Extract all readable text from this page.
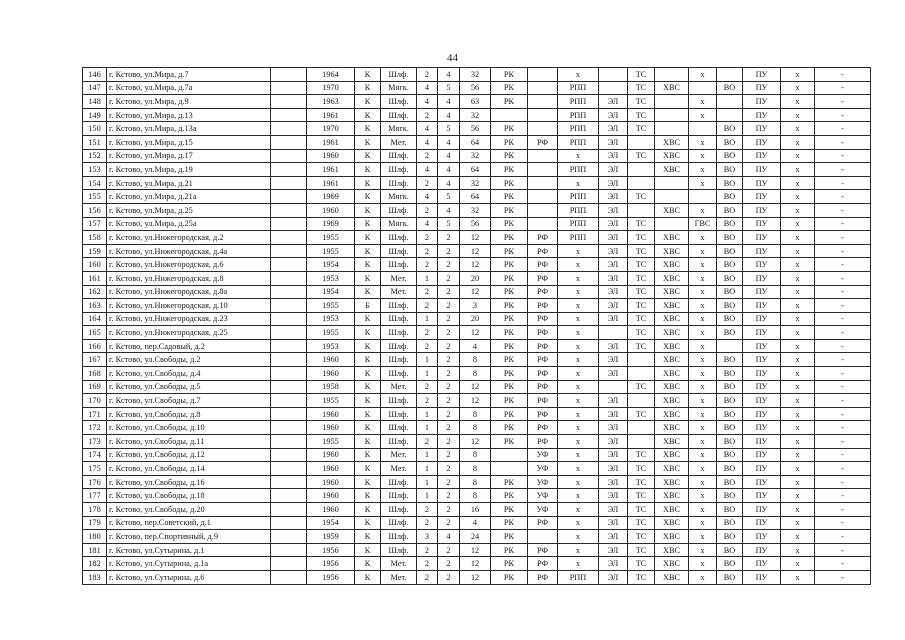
44
146	г. Кстово, ул.Мира, д.7		1964	К	Шлф.	2	4	32	РК		х		ТС		х		ПУ	х	-
147	г. Кстово, ул.Мира, д.7а		1970	К	Мягк.	4	5	56	РК		РПП		ТС	ХВС		ВО	ПУ	х	-
148	г. Кстово, ул.Мира, д.9		1963	К	Шлф.	4	4	63	РК		РПП	ЭЛ	ТС		х		ПУ	х	-
149	г. Кстово, ул.Мира, д.13		1961	К	Шлф.	2	4	32			РПП	ЭЛ	ТС		х		ПУ	х	-
150	г. Кстово, ул.Мира, д.13а		1970	К	Мягк.	4	5	56	РК		РПП	ЭЛ	ТС			ВО	ПУ	х	-
151	г. Кстово, ул.Мира, д.15		1961	К	Мет.	4	4	64	РК	РФ	РПП	ЭЛ		ХВС	х	ВО	ПУ	х	-
152	г. Кстово, ул.Мира, д.17		1960	К	Шлф.	2	4	32	РК		х	ЭЛ	ТС	ХВС	х	ВО	ПУ	х	-
153	г. Кстово, ул.Мира, д.19		1961	К	Шлф.	4	4	64	РК		РПП	ЭЛ		ХВС	х	ВО	ПУ	х	-
154	г. Кстово, ул.Мира, д.21		1961	К	Шлф.	2	4	32	РК		х	ЭЛ			х	ВО	ПУ	х	-
155	г. Кстово, ул.Мира, д.21а		1969	К	Мягк.	4	5	64	РК		РПП	ЭЛ	ТС			ВО	ПУ	х	-
156	г. Кстово, ул.Мира, д.25		1960	К	Шлф.	2	4	32	РК		РПП	ЭЛ		ХВС	х	ВО	ПУ	х	-
157	г. Кстово, ул.Мира, д.25а		1969	К	Мягк.	4	5	56	РК		РПП	ЭЛ	ТС		ГВС	ВО	ПУ	х	-
158	г. Кстово, ул.Нижегородская, д.2		1955	К	Шлф.	2	2	12	РК	РФ	РПП	ЭЛ	ТС	ХВС	х	ВО	ПУ	х	-
159	г. Кстово, ул.Нижегородская, д.4а		1955	К	Шлф.	2	2	12	РК	РФ	х	ЭЛ	ТС	ХВС	х	ВО	ПУ	х	-
160	г. Кстово, ул.Нижегородская, д.6		1954	К	Шлф.	2	2	12	РК	РФ	х	ЭЛ	ТС	ХВС	х	ВО	ПУ	х	-
161	г. Кстово, ул.Нижегородская, д.8		1953	К	Мет.	1	2	20	РК	РФ	х	ЭЛ	ТС	ХВС	х	ВО	ПУ	х	-
162	г. Кстово, ул.Нижегородская, д.8а		1954	К	Мет.	2	2	12	РК	РФ	х	ЭЛ	ТС	ХВС	х	ВО	ПУ	х	-
163	г. Кстово, ул.Нижегородская, д.10		1955	Б	Шлф.	2	2	3	РК	РФ	х	ЭЛ	ТС	ХВС	х	ВО	ПУ	х	-
164	г. Кстово, ул.Нижегородская, д.23		1953	К	Шлф.	1	2	20	РК	РФ	х	ЭЛ	ТС	ХВС	х	ВО	ПУ	х	-
165	г. Кстово, ул.Нижегородская, д.25		1955	К	Шлф.	2	2	12	РК	РФ	х		ТС	ХВС	х	ВО	ПУ	х	-
166	г. Кстово, пер.Садовый, д.2		1953	К	Шлф.	2	2	4	РК	РФ	х	ЭЛ	ТС	ХВС	х		ПУ	х	-
167	г. Кстово, ул.Свободы, д.2		1960	К	Шлф.	1	2	8	РК	РФ	х	ЭЛ		ХВС	х	ВО	ПУ	х	-
168	г. Кстово, ул.Свободы, д.4		1960	К	Шлф.	1	2	8	РК	РФ	х	ЭЛ		ХВС	х	ВО	ПУ	х	-
169	г. Кстово, ул.Свободы, д.5		1958	К	Мет.	2	2	12	РК	РФ	х		ТС	ХВС	х	ВО	ПУ	х	-
170	г. Кстово, ул.Свободы, д.7		1955	К	Шлф.	2	2	12	РК	РФ	х	ЭЛ		ХВС	х	ВО	ПУ	х	-
171	г. Кстово, ул.Свободы, д.8		1960	К	Шлф.	1	2	8	РК	РФ	х	ЭЛ	ТС	ХВС	х	ВО	ПУ	х	-
172	г. Кстово, ул.Свободы, д.10		1960	К	Шлф.	1	2	8	РК	РФ	х	ЭЛ		ХВС	х	ВО	ПУ	х	-
173	г. Кстово, ул.Свободы, д.11		1955	К	Шлф.	2	2	12	РК	РФ	х	ЭЛ		ХВС	х	ВО	ПУ	х	-
174	г. Кстово, ул.Свободы, д.12		1960	К	Мет.	1	2	8		УФ	х	ЭЛ	ТС	ХВС	х	ВО	ПУ	х	-
175	г. Кстово, ул.Свободы, д.14		1960	К	Мет.	1	2	8		УФ	х	ЭЛ	ТС	ХВС	х	ВО	ПУ	х	-
176	г. Кстово, ул.Свободы, д.16		1960	К	Шлф.	1	2	8	РК	УФ	х	ЭЛ	ТС	ХВС	х	ВО	ПУ	х	-
177	г. Кстово, ул.Свободы, д.18		1960	К	Шлф.	1	2	8	РК	УФ	х	ЭЛ	ТС	ХВС	х	ВО	ПУ	х	-
178	г. Кстово, ул.Свободы, д.20		1960	К	Шлф.	2	2	16	РК	УФ	х	ЭЛ	ТС	ХВС	х	ВО	ПУ	х	-
179	г. Кстово, пер.Советский, д.1		1954	К	Шлф.	2	2	4	РК	РФ	х	ЭЛ	ТС	ХВС	х	ВО	ПУ	х	-
180	г. Кстово, пер.Спортивный, д.9		1959	К	Шлф.	3	4	24	РК		х	ЭЛ	ТС	ХВС	х	ВО	ПУ	х	-
181	г. Кстово, ул.Сутырина, д.1		1956	К	Шлф.	2	2	12	РК	РФ	х	ЭЛ	ТС	ХВС	х	ВО	ПУ	х	-
182	г. Кстово, ул.Сутырина, д.1а		1956	К	Мет.	2	2	12	РК	РФ	х	ЭЛ	ТС	ХВС	х	ВО	ПУ	х	-
183	г. Кстово, ул.Сутырина, д.6		1956	К	Мет.	2	2	12	РК	РФ	РПП	ЭЛ	ТС	ХВС	х	ВО	ПУ	х	-
